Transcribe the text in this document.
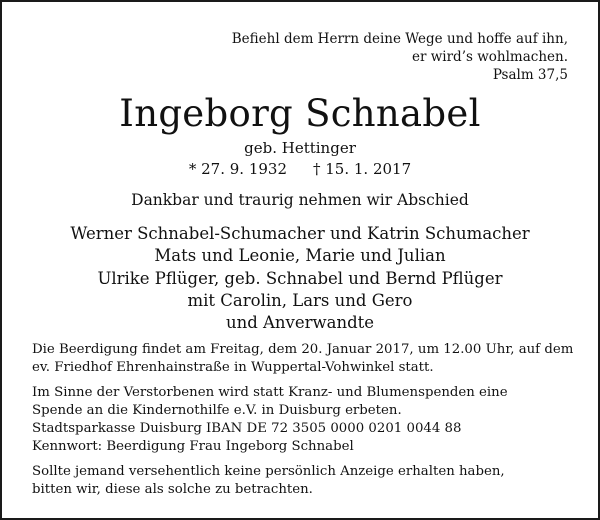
Befiehl dem Herrn deine Wege und hoffe auf ihn,
er wird’s wohlmachen.
Psalm 37,5
Ingeborg Schnabel
geb. Hettinger
* 27. 9. 1932 † 15. 1. 2017
Dankbar und traurig nehmen wir Abschied
Werner Schnabel-Schumacher und Katrin Schumacher
Mats und Leonie, Marie und Julian
Ulrike Pflüger, geb. Schnabel und Bernd Pflüger
mit Carolin, Lars und Gero
und Anverwandte
Die Beerdigung findet am Freitag, dem 20. Januar 2017, um 12.00 Uhr, auf dem
ev. Friedhof Ehrenhainstraße in Wuppertal-Vohwinkel statt.
Im Sinne der Verstorbenen wird statt Kranz- und Blumenspenden eine
Spende an die Kindernothilfe e.V. in Duisburg erbeten.
Stadtsparkasse Duisburg IBAN DE 72 3505 0000 0201 0044 88
Kennwort: Beerdigung Frau Ingeborg Schnabel
Sollte jemand versehentlich keine persönlich Anzeige erhalten haben,
bitten wir, diese als solche zu betrachten.
